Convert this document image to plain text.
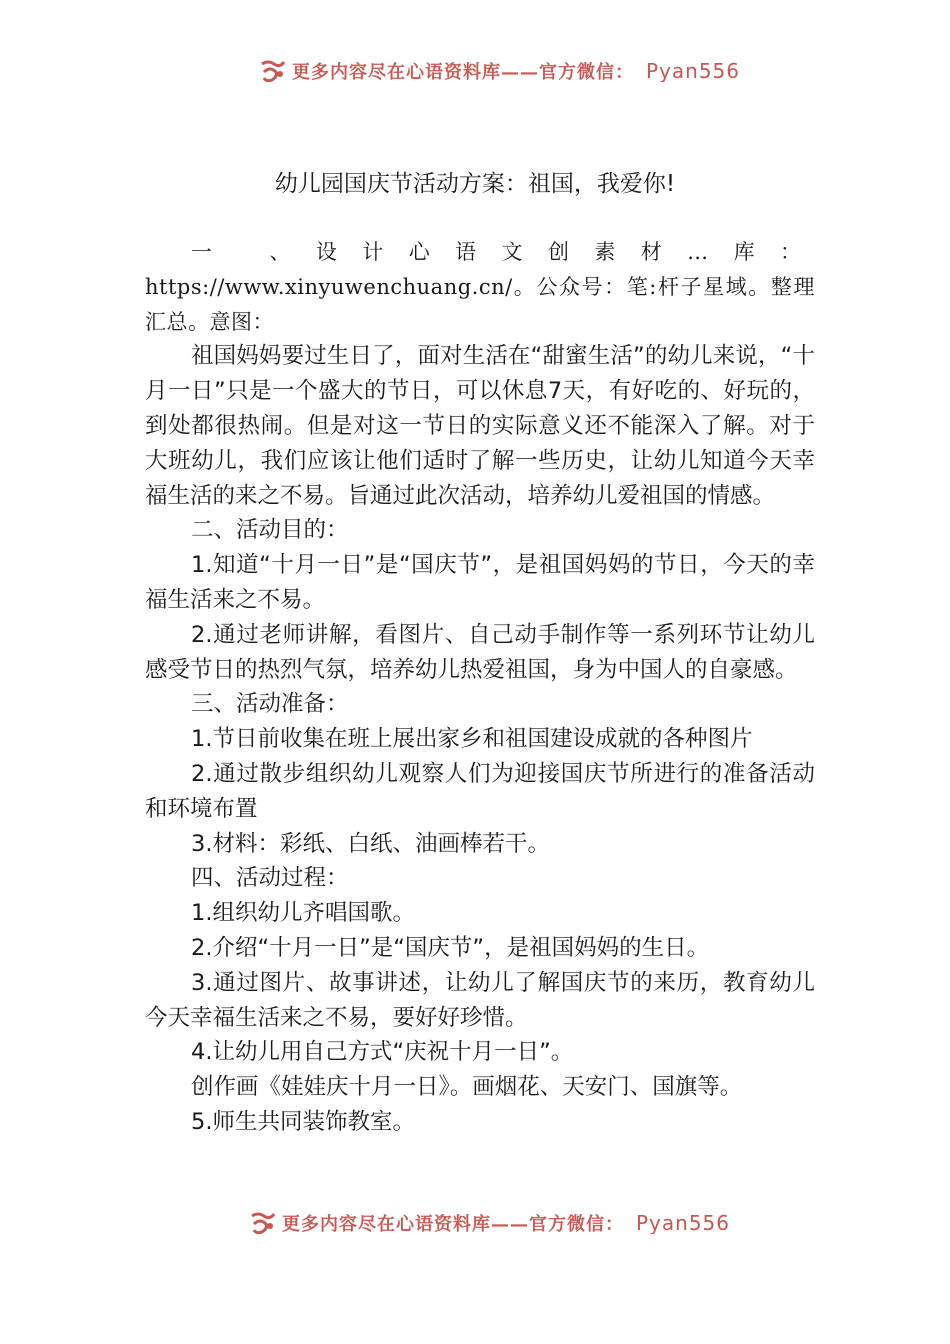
更多内容尽在心语资料库——官方微信： Pyan556
幼儿园国庆节活动方案：祖国，我爱你!

一 、设计心语文创素材…库：https://www.xinyuwenchuang.cn/。公众号：笔:杆子星域。整理汇总。意图：

祖国妈妈要过生日了，面对生活在“甜蜜生活”的幼儿来说，“十月一日”只是一个盛大的节日，可以休息7天，有好吃的、好玩的，到处都很热闹。但是对这一节日的实际意义还不能深入了解。对于大班幼儿，我们应该让他们适时了解一些历史，让幼儿知道今天幸福生活的来之不易。旨通过此次活动，培养幼儿爱祖国的情感。

二、活动目的：

1.知道“十月一日”是“国庆节”，是祖国妈妈的节日，今天的幸福生活来之不易。

2.通过老师讲解，看图片、自己动手制作等一系列环节让幼儿感受节日的热烈气氛，培养幼儿热爱祖国，身为中国人的自豪感。

三、活动准备：

1.节日前收集在班上展出家乡和祖国建设成就的各种图片

2.通过散步组织幼儿观察人们为迎接国庆节所进行的准备活动和环境布置

3.材料：彩纸、白纸、油画棒若干。

四、活动过程：

1.组织幼儿齐唱国歌。

2.介绍“十月一日”是“国庆节”，是祖国妈妈的生日。

3.通过图片、故事讲述，让幼儿了解国庆节的来历，教育幼儿今天幸福生活来之不易，要好好珍惜。

4.让幼儿用自己方式“庆祝十月一日”。

创作画《娃娃庆十月一日》。画烟花、天安门、国旗等。

5.师生共同装饰教室。

更多内容尽在心语资料库——官方微信： Pyan556
